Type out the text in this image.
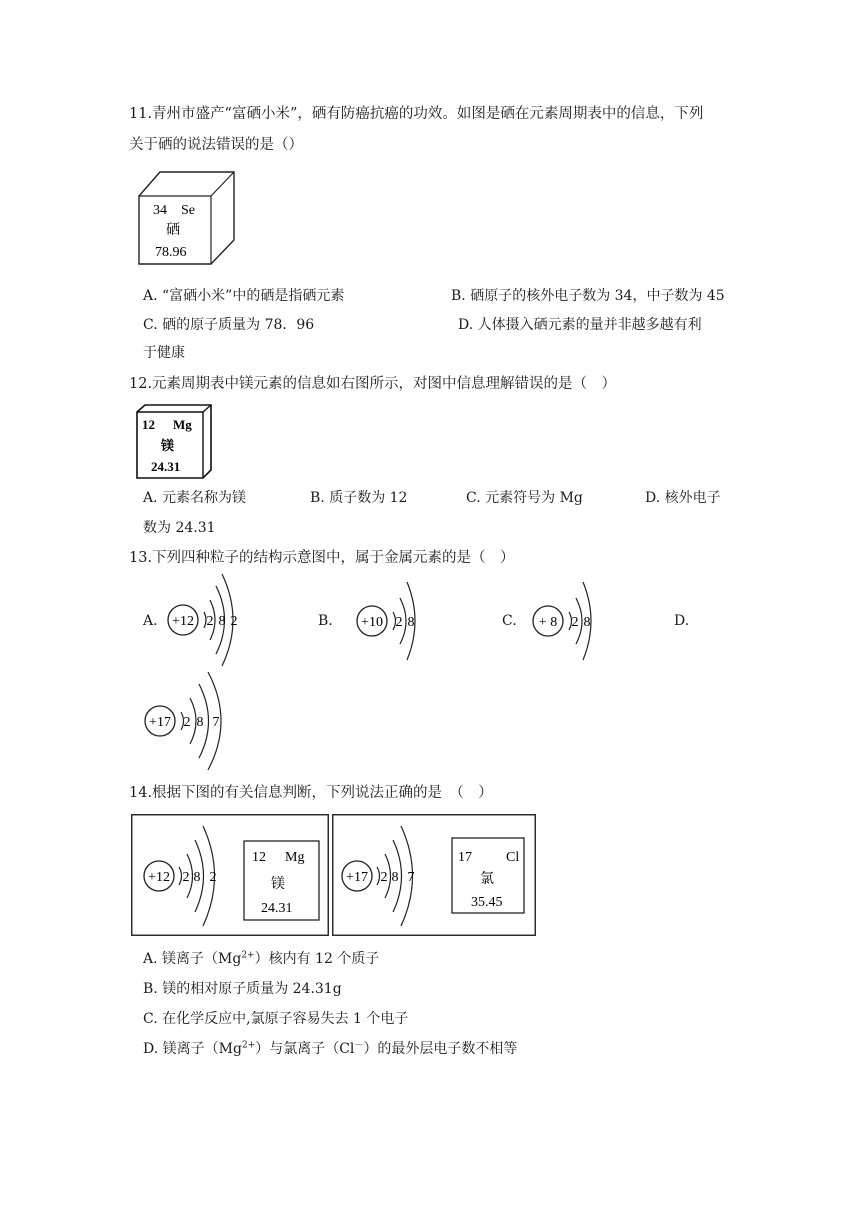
11.青州市盛产“富硒小米”，硒有防癌抗癌的功效。如图是硒在元素周期表中的信息，下列
关于硒的说法错误的是（）
34 Se
硒
78.96
A. “富硒小米”中的硒是指硒元素	B. 硒原子的核外电子数为 34，中子数为 45
C. 硒的原子质量为 78．96	D. 人体摄入硒元素的量并非越多越有利
于健康
12.元素周期表中镁元素的信息如右图所示，对图中信息理解错误的是（　）
12 Mg
镁
24.31
A. 元素名称为镁	B. 质子数为 12	C. 元素符号为 Mg	D. 核外电子
数为 24.31
13.下列四种粒子的结构示意图中，属于金属元素的是（　）
A. +12 2 8 2	B. +10 2 8	C. + 8 2 8	D.
+17 2 8 7
14.根据下图的有关信息判断，下列说法正确的是　（　）
+12 2 8 2
12 Mg
镁
24.31
+17 2 8 7
17 Cl
氯
35.45
A. 镁离子$(Mg^{2+})$核内有 12 个质子
B. 镁的相对原子质量为 24.31g
C. 在化学反应中,氯原子容易失去 1 个电子
D. 镁离子$(Mg^{2+})$与氯离子（Cl－）的最外层电子数不相等
